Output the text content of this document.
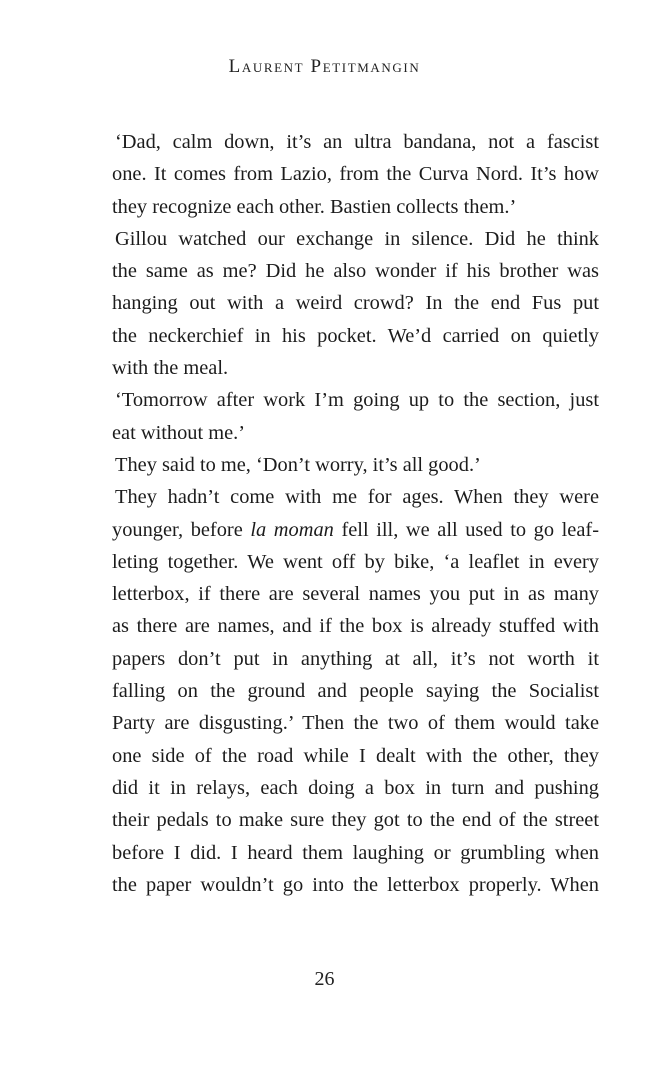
Laurent Petitmangin
‘Dad, calm down, it’s an ultra bandana, not a fascist
one. It comes from Lazio, from the Curva Nord. It’s how
they recognize each other. Bastien collects them.’
Gillou watched our exchange in silence. Did he think
the same as me? Did he also wonder if his brother was
hanging out with a weird crowd? In the end Fus put
the neckerchief in his pocket. We’d carried on quietly
with the meal.
‘Tomorrow after work I’m going up to the section, just
eat without me.’
They said to me, ‘Don’t worry, it’s all good.’
They hadn’t come with me for ages. When they were
younger, before la moman fell ill, we all used to go leaf-
leting together. We went off by bike, ‘a leaflet in every
letterbox, if there are several names you put in as many
as there are names, and if the box is already stuffed with
papers don’t put in anything at all, it’s not worth it
falling on the ground and people saying the Socialist
Party are disgusting.’ Then the two of them would take
one side of the road while I dealt with the other, they
did it in relays, each doing a box in turn and pushing
their pedals to make sure they got to the end of the street
before I did. I heard them laughing or grumbling when
the paper wouldn’t go into the letterbox properly. When
26
